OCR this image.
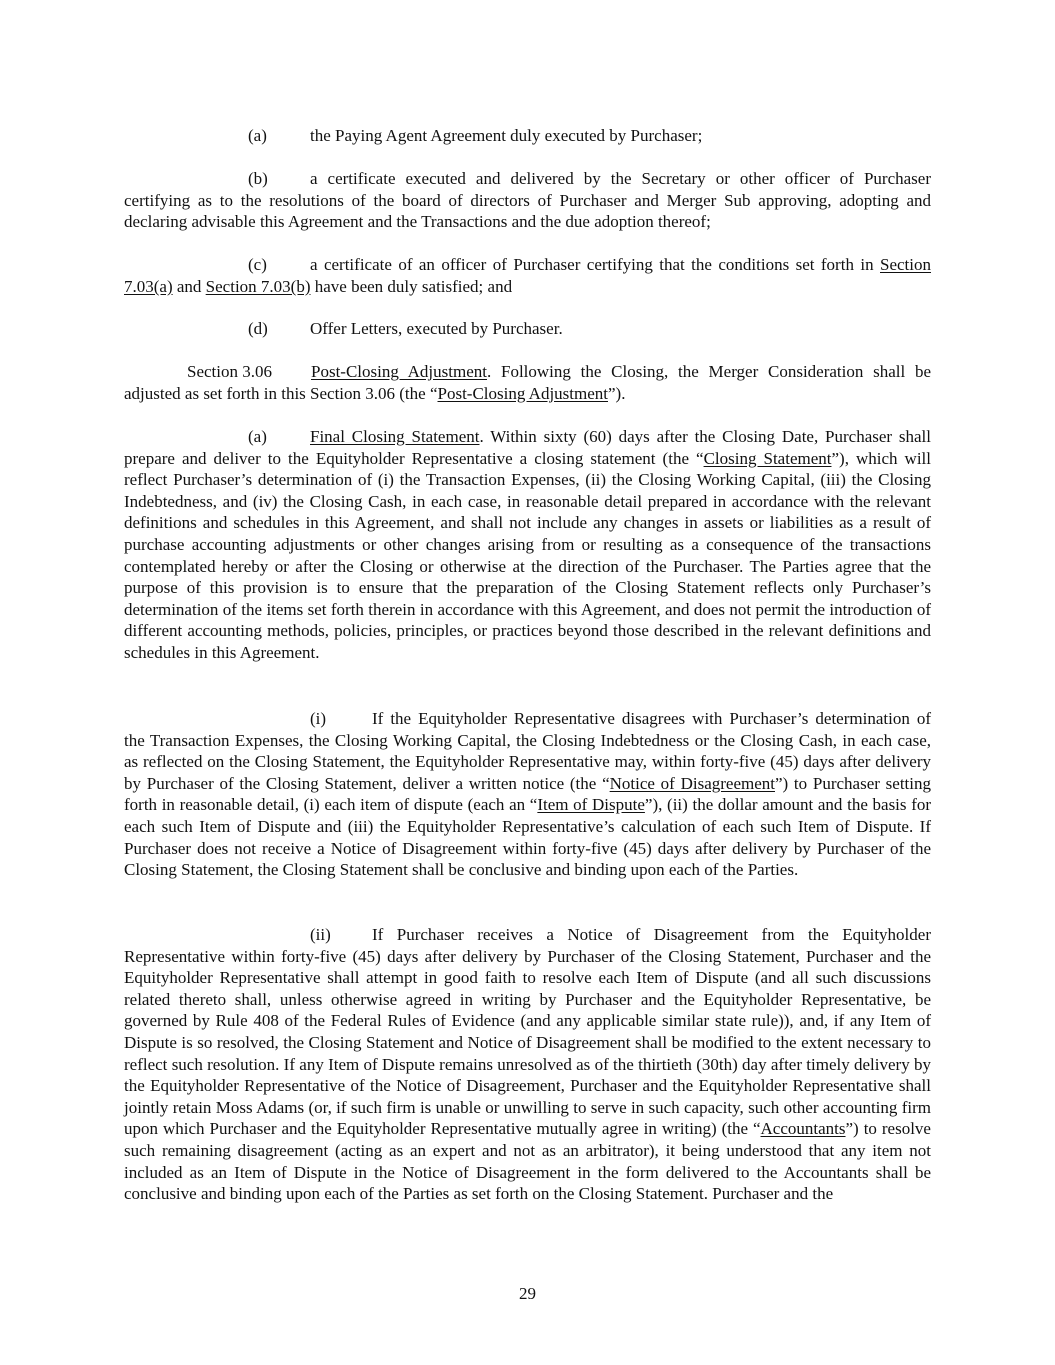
(a)	the Paying Agent Agreement duly executed by Purchaser;

(b) a certificate executed and delivered by the Secretary or other officer of Purchaser certifying as to the resolutions of the board of directors of Purchaser and Merger Sub approving, adopting and declaring advisable this Agreement and the Transactions and the due adoption thereof;

(c)	a certificate of an officer of Purchaser certifying that the conditions set forth in Section 7.03(a) and Section 7.03(b) have been duly satisfied; and

(d) Offer Letters, executed by Purchaser.

Section 3.06 Post-Closing Adjustment. Following the Closing, the Merger Consideration shall be adjusted as set forth in this Section 3.06 (the “Post-Closing Adjustment”).

(a)	Final Closing Statement. Within sixty (60) days after the Closing Date, Purchaser shall prepare and deliver to the Equityholder Representative a closing statement (the “Closing Statement”), which will reflect Purchaser’s determination of (i) the Transaction Expenses, (ii) the Closing Working Capital, (iii) the Closing Indebtedness, and (iv) the Closing Cash, in each case, in reasonable detail prepared in accordance with the relevant definitions and schedules in this Agreement, and shall not include any changes in assets or liabilities as a result of purchase accounting adjustments or other changes arising from or resulting as a consequence of the transactions contemplated hereby or after the Closing or otherwise at the direction of the Purchaser. The Parties agree that the purpose of this provision is to ensure that the preparation of the Closing Statement reflects only Purchaser’s determination of the items set forth therein in accordance with this Agreement, and does not permit the introduction of different accounting methods, policies, principles, or practices beyond those described in the relevant definitions and schedules in this Agreement.

(i)	If the Equityholder Representative disagrees with Purchaser’s determination of the Transaction Expenses, the Closing Working Capital, the Closing Indebtedness or the Closing Cash, in each case, as reflected on the Closing Statement, the Equityholder Representative may, within forty-five (45) days after delivery by Purchaser of the Closing Statement, deliver a written notice (the “Notice of Disagreement”) to Purchaser setting forth in reasonable detail, (i) each item of dispute (each an “Item of Dispute”), (ii) the dollar amount and the basis for each such Item of Dispute and (iii) the Equityholder Representative’s calculation of each such Item of Dispute. If Purchaser does not receive a Notice of Disagreement within forty-five (45) days after delivery by Purchaser of the Closing Statement, the Closing Statement shall be conclusive and binding upon each of the Parties.

(ii) If Purchaser receives a Notice of Disagreement from the Equityholder Representative within forty-five (45) days after delivery by Purchaser of the Closing Statement, Purchaser and the Equityholder Representative shall attempt in good faith to resolve each Item of Dispute (and all such discussions related thereto shall, unless otherwise agreed in writing by Purchaser and the Equityholder Representative, be governed by Rule 408 of the Federal Rules of Evidence (and any applicable similar state rule)), and, if any Item of Dispute is so resolved, the Closing Statement and Notice of Disagreement shall be modified to the extent necessary to reflect such resolution. If any Item of Dispute remains unresolved as of the thirtieth (30th) day after timely delivery by the Equityholder Representative of the Notice of Disagreement, Purchaser and the Equityholder Representative shall jointly retain Moss Adams (or, if such firm is unable or unwilling to serve in such capacity, such other accounting firm upon which Purchaser and the Equityholder Representative mutually agree in writing) (the “Accountants”) to resolve such remaining disagreement (acting as an expert and not as an arbitrator), it being understood that any item not included as an Item of Dispute in the Notice of Disagreement in the form delivered to the Accountants shall be conclusive and binding upon each of the Parties as set forth on the Closing Statement. Purchaser and the

29
